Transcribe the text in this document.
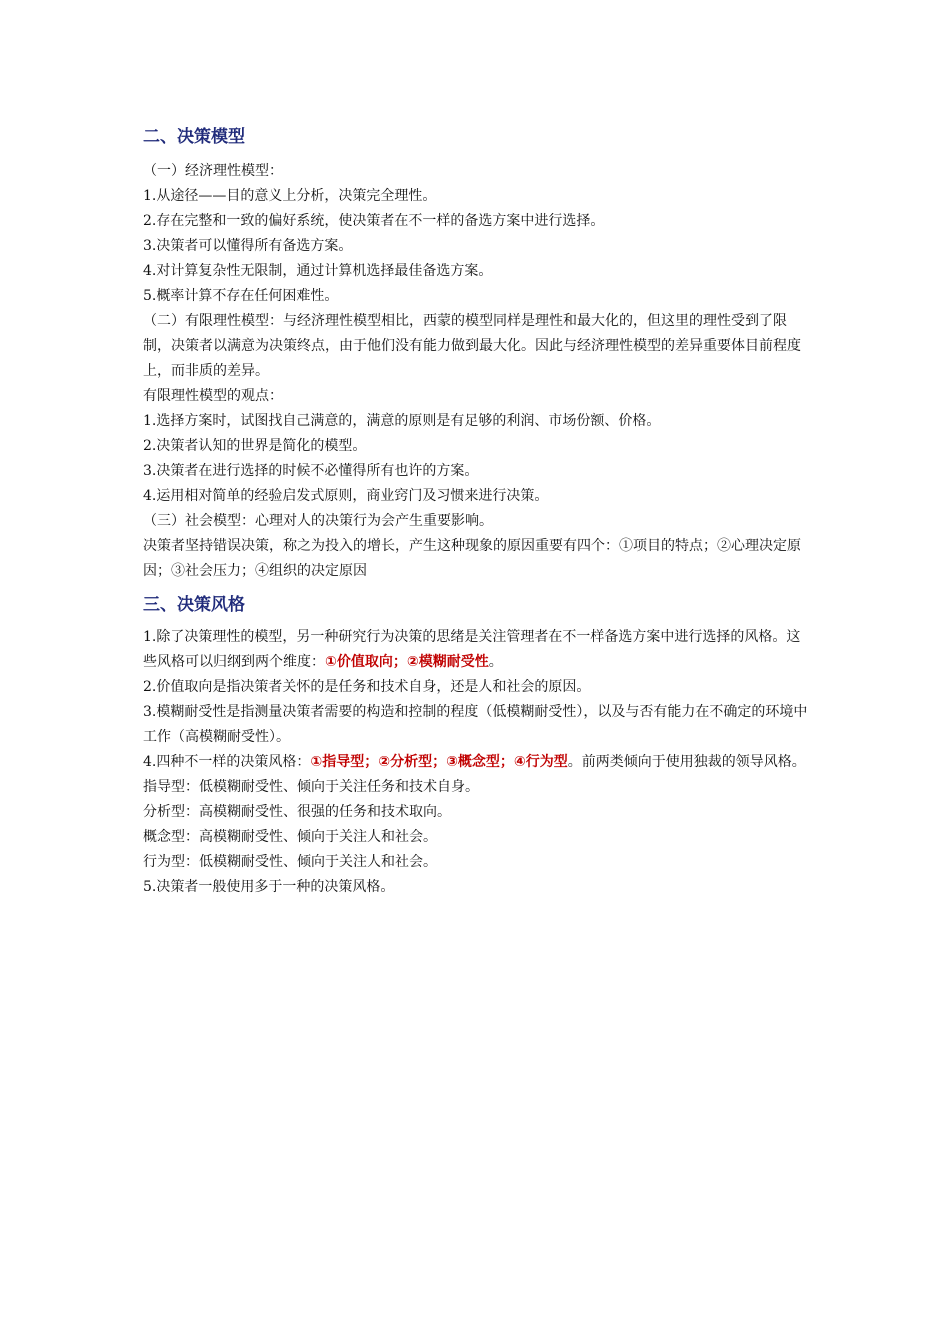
二、决策模型

（一）经济理性模型：

1.从途径——目的意义上分析，决策完全理性。

2.存在完整和一致的偏好系统，使决策者在不一样的备选方案中进行选择。

3.决策者可以懂得所有备选方案。

4.对计算复杂性无限制，通过计算机选择最佳备选方案。

5.概率计算不存在任何困难性。

（二）有限理性模型：与经济理性模型相比，西蒙的模型同样是理性和最大化的，但这里的理性受到了限制，决策者以满意为决策终点，由于他们没有能力做到最大化。因此与经济理性模型的差异重要体目前程度上，而非质的差异。

有限理性模型的观点：

1.选择方案时，试图找自己满意的，满意的原则是有足够的利润、市场份额、价格。

2.决策者认知的世界是简化的模型。

3.决策者在进行选择的时候不必懂得所有也许的方案。

4.运用相对简单的经验启发式原则，商业窍门及习惯来进行决策。

（三）社会模型：心理对人的决策行为会产生重要影响。

决策者坚持错误决策，称之为投入的增长，产生这种现象的原因重要有四个：①项目的特点；②心理决定原因；③社会压力；④组织的决定原因

三、决策风格

1.除了决策理性的模型，另一种研究行为决策的思绪是关注管理者在不一样备选方案中进行选择的风格。这些风格可以归纲到两个维度：①价值取向；②模糊耐受性。

2.价值取向是指决策者关怀的是任务和技术自身，还是人和社会的原因。

3.模糊耐受性是指测量决策者需要的构造和控制的程度（低模糊耐受性），以及与否有能力在不确定的环境中工作（高模糊耐受性）。

4.四种不一样的决策风格：①指导型；②分析型；③概念型；④行为型。前两类倾向于使用独裁的领导风格。

指导型：低模糊耐受性、倾向于关注任务和技术自身。

分析型：高模糊耐受性、很强的任务和技术取向。

概念型：高模糊耐受性、倾向于关注人和社会。

行为型：低模糊耐受性、倾向于关注人和社会。

5.决策者一般使用多于一种的决策风格。
